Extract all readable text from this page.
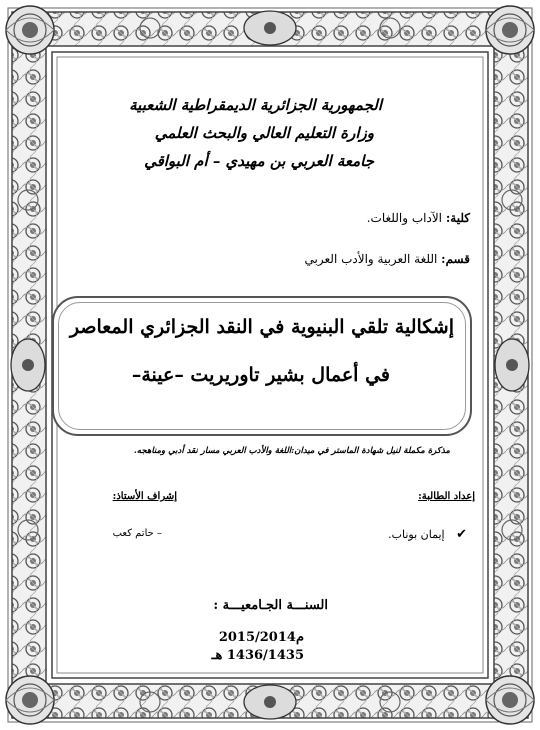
الجمهورية الجزائرية الديمقراطية الشعبية
وزارة التعليم العالي والبحث العلمي
جامعة العربي بن مهيدي – أم البواقي
كلية: الآداب واللغات.
قسم: اللغة العربية والأدب العربي
إشكالية تلقي البنيوية في النقد الجزائري المعاصر
في أعمال بشير تاوريريت –عينة–
مذكرة مكملة لنيل شهادة الماستر في ميدان:اللغة والأدب العربي مسار نقد أدبي ومناهجه.
إعداد الطالبة:
إشراف الأستاذ:
✔ إيمان بوناب.
– حاتم كعب
السنـــة الجـامعيـــة :
2015/2014م
1436/1435 هـ
